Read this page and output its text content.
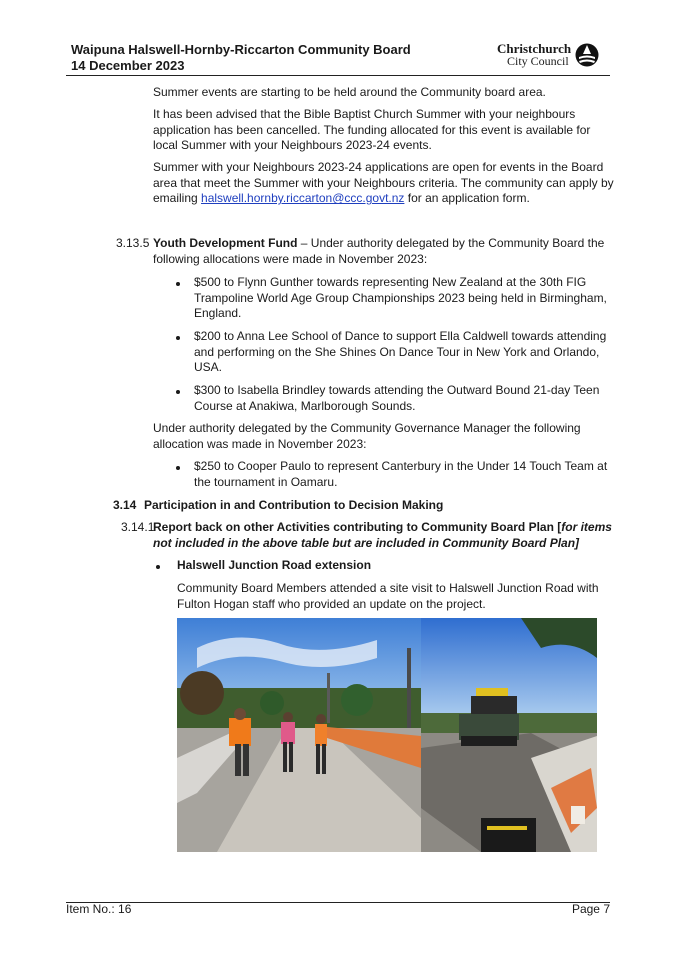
Waipuna Halswell-Hornby-Riccarton Community Board
14 December 2023
Christchurch
City Council
Summer events are starting to be held around the Community board area.
It has been advised that the Bible Baptist Church Summer with your neighbours application has been cancelled. The funding allocated for this event is available for local Summer with your Neighbours 2023-24 events.
Summer with your Neighbours 2023-24 applications are open for events in the Board area that meet the Summer with your Neighbours criteria. The community can apply by emailing halswell.hornby.riccarton@ccc.govt.nz for an application form.
3.13.5 Youth Development Fund – Under authority delegated by the Community Board the following allocations were made in November 2023:
$500 to Flynn Gunther towards representing New Zealand at the 30th FIG Trampoline World Age Group Championships 2023 being held in Birmingham, England.
$200 to Anna Lee School of Dance to support Ella Caldwell towards attending and performing on the She Shines On Dance Tour in New York and Orlando, USA.
$300 to Isabella Brindley towards attending the Outward Bound 21-day Teen Course at Anakiwa, Marlborough Sounds.
Under authority delegated by the Community Governance Manager the following allocation was made in November 2023:
$250 to Cooper Paulo to represent Canterbury in the Under 14 Touch Team at the tournament in Oamaru.
3.14 Participation in and Contribution to Decision Making
3.14.1
Report back on other Activities contributing to Community Board Plan [for items not included in the above table but are included in Community Board Plan]
Halswell Junction Road extension
Community Board Members attended a site visit to Halswell Junction Road with Fulton Hogan staff who provided an update on the project.
Item No.: 16	Page 7
